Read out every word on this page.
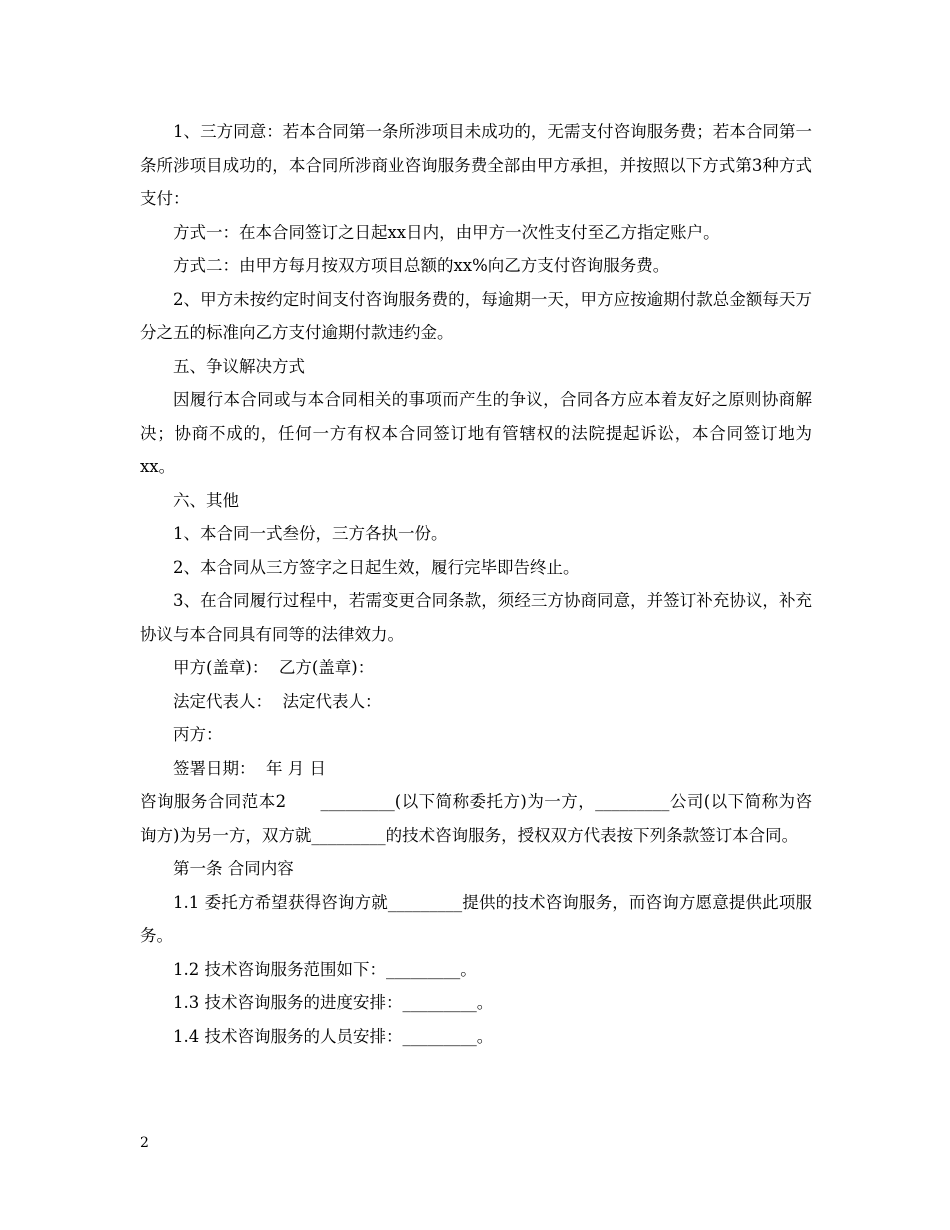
1、三方同意：若本合同第一条所涉项目未成功的，无需支付咨询服务费；若本合同第一条所涉项目成功的，本合同所涉商业咨询服务费全部由甲方承担，并按照以下方式第3种方式支付：

方式一：在本合同签订之日起xx日内，由甲方一次性支付至乙方指定账户。

方式二：由甲方每月按双方项目总额的xx%向乙方支付咨询服务费。

2、甲方未按约定时间支付咨询服务费的，每逾期一天，甲方应按逾期付款总金额每天万分之五的标准向乙方支付逾期付款违约金。

五、争议解决方式

因履行本合同或与本合同相关的事项而产生的争议，合同各方应本着友好之原则协商解决；协商不成的，任何一方有权本合同签订地有管辖权的法院提起诉讼，本合同签订地为xx。

六、其他

1、本合同一式叁份，三方各执一份。

2、本合同从三方签字之日起生效，履行完毕即告终止。

3、在合同履行过程中，若需变更合同条款，须经三方协商同意，并签订补充协议，补充协议与本合同具有同等的法律效力。

甲方(盖章)：  乙方(盖章)：

法定代表人：  法定代表人：

丙方：

签署日期：  年 月 日

咨询服务合同范本2　　_________(以下简称委托方)为一方，_________公司(以下简称为咨询方)为另一方，双方就_________的技术咨询服务，授权双方代表按下列条款签订本合同。

第一条 合同内容

1.1 委托方希望获得咨询方就_________提供的技术咨询服务，而咨询方愿意提供此项服务。

1.2 技术咨询服务范围如下：_________。

1.3 技术咨询服务的进度安排：_________。

1.4 技术咨询服务的人员安排：_________。

2
